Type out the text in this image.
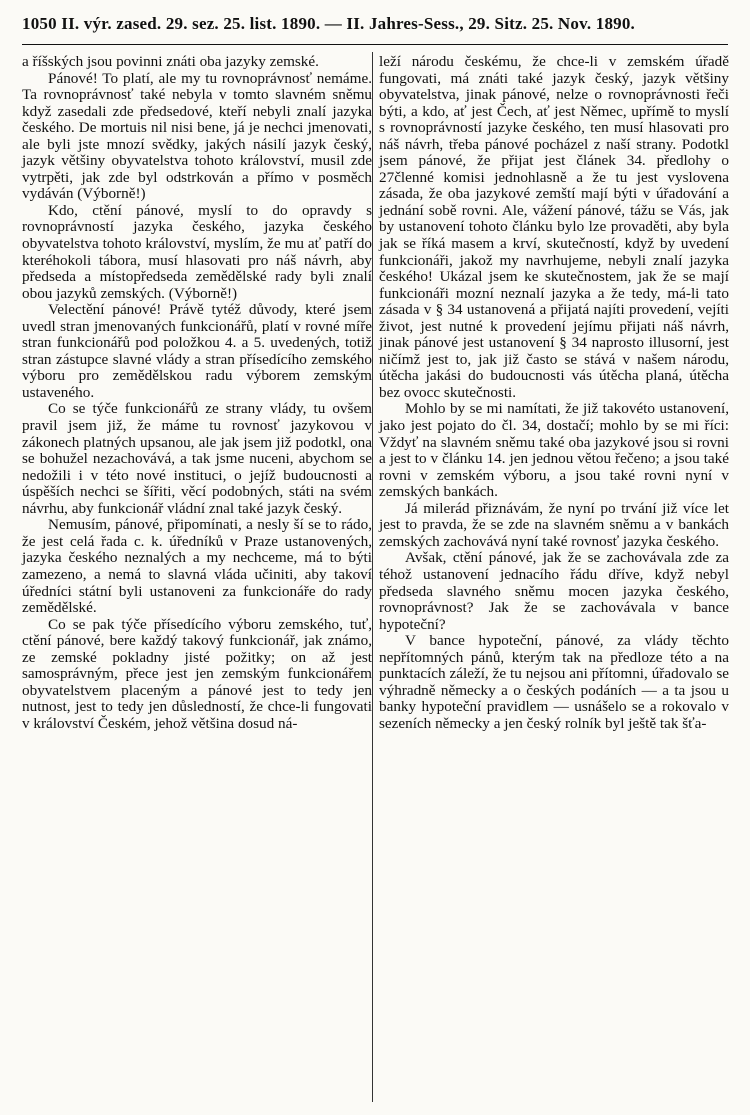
1050 II. výr. zased. 29. sez. 25. list. 1890. — II. Jahres-Sess., 29. Sitz. 25. Nov. 1890.

a říšských jsou povinni znáti oba jazyky zemské.

Pánové! To platí, ale my tu rovnoprávnosť nemáme. Ta rovnoprávnosť také nebyla v tomto slavném sněmu když zasedali zde předsedové, kteří nebyli znalí jazyka českého. De mortuis nil nisi bene, já je nechci jmenovati, ale byli jste mnozí svědky, jakých násilí jazyk český, jazyk většiny obyvatelstva tohoto království, musil zde vytrpěti, jak zde byl odstrkován a přímo v posměch vydáván (Výborně!)

Kdo, ctění pánové, myslí to do opravdy s rovnoprávností jazyka českého, jazyka českého obyvatelstva tohoto království, myslím, že mu ať patří do kteréhokoli tábora, musí hlasovati pro náš návrh, aby předseda a místopředseda zemědělské rady byli znalí obou jazyků zemských. (Výborně!)

Velectění pánové! Právě tytéž důvody, které jsem uvedl stran jmenovaných funkcionářů, platí v rovné míře stran funkcionářů pod položkou 4. a 5. uvedených, totiž stran zástupce slavné vlády a stran přísedícího zemského výboru pro zemědělskou radu výborem zemským ustaveného.

Co se týče funkcionářů ze strany vlády, tu ovšem pravil jsem již, že máme tu rovnosť jazykovou v zákonech platných upsanou, ale jak jsem již podotkl, ona se bohužel nezachovává, a tak jsme nuceni, abychom se nedožili i v této nové instituci, o jejíž budoucnosti a úspěších nechci se šířiti, věcí podobných, státi na svém návrhu, aby funkcionář vládní znal také jazyk český.

Nemusím, pánové, připomínati, a nesly ší se to rádo, že jest celá řada c. k. úředníků v Praze ustanovených, jazyka českého neznalých a my nechceme, má to býti zamezeno, a nemá to slavná vláda učiniti, aby takoví úředníci státní byli ustanoveni za funkcionáře do rady zemědělské.

Co se pak týče přísedícího výboru zemského, tuť, ctění pánové, bere každý takový funkcionář, jak známo, ze zemské pokladny jisté požitky; on až jest samosprávným, přece jest jen zemským funkcionářem obyvatelstvem placeným a pánové jest to tedy jen nutnost, jest to tedy jen důsledností, že chce-li fungovati v království Českém, jehož většina dosud ná-

leží národu českému, že chce-li v zemském úřadě fungovati, má znáti také jazyk český, jazyk většiny obyvatelstva, jinak pánové, nelze o rovnoprávnosti řeči býti, a kdo, ať jest Čech, ať jest Němec, upřímě to myslí s rovnoprávností jazyke českého, ten musí hlasovati pro náš návrh, třeba pánové pocházel z naší strany. Podotkl jsem pánové, že přijat jest článek 34. předlohy o 27členné komisi jednohlasně a že tu jest vyslovena zásada, že oba jazykové zemští mají býti v úřadování a jednání sobě rovni. Ale, vážení pánové, tážu se Vás, jak by ustanovení tohoto článku bylo lze provaděti, aby byla jak se říká masem a krví, skutečností, když by uvedení funkcionáři, jakož my navrhujeme, nebyli znalí jazyka českého! Ukázal jsem ke skutečnostem, jak že se mají funkcionáři mozní neznalí jazyka a že tedy, má-li tato zásada v § 34 ustanovená a přijatá najíti provedení, vejíti život, jest nutné k provedení jejímu přijati náš návrh, jinak pánové jest ustanovení § 34 naprosto illusorní, jest ničímž jest to, jak již často se stává v našem národu, útěcha jakási do budoucnosti vás útěcha planá, útěcha bez ovocc skutečnosti.

Mohlo by se mi namítati, že již takovéto ustanovení, jako jest pojato do čl. 34, dostačí; mohlo by se mi říci: Vždyť na slavném sněmu také oba jazykové jsou si rovni a jest to v článku 14. jen jednou větou řečeno; a jsou také rovni v zemském výboru, a jsou také rovni nyní v zemských bankách.

Já milerád přiznávám, že nyní po trvání již více let jest to pravda, že se zde na slavném sněmu a v bankách zemských zachovává nyní také rovnosť jazyka českého.

Avšak, ctění pánové, jak že se zachovávala zde za téhož ustanovení jednacího řádu dříve, když nebyl předseda slavného sněmu mocen jazyka českého, rovnoprávnost? Jak že se zachovávala v bance hypoteční?

V bance hypoteční, pánové, za vlády těchto nepřítomných pánů, kterým tak na předloze této a na punktacích záleží, že tu nejsou ani přítomni, úřadovalo se výhradně německy a o českých podáních — a ta jsou u banky hypoteční pravidlem — usnášelo se a rokovalo v sezeních německy a jen český rolník byl ještě tak šťa-
